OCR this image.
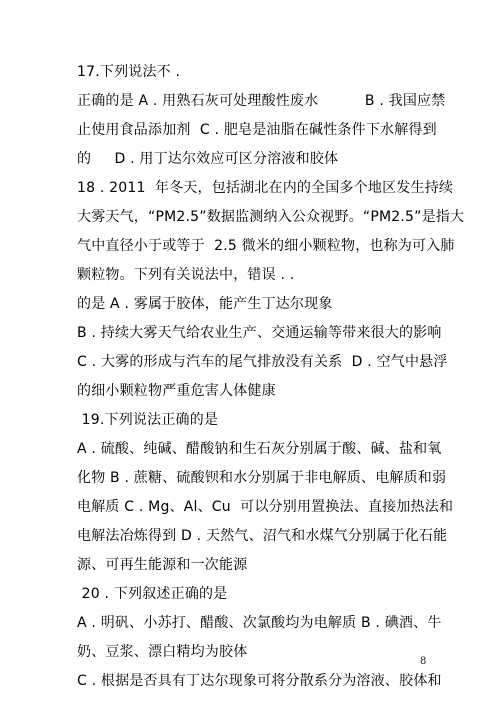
17.下列说法不 .
正确的是 A . 用熟石灰可处理酸性废水          B . 我国应禁
止使用食品添加剂  C . 肥皂是油脂在碱性条件下水解得到
的     D . 用丁达尔效应可区分溶液和胶体
18 . 2011  年冬天，包括湖北在内的全国多个地区发生持续
大雾天气，“PM2.5”数据监测纳入公众视野。“PM2.5”是指大
气中直径小于或等于  2.5 微米的细小颗粒物，也称为可入肺
颗粒物。下列有关说法中，错误 . .
的是 A . 雾属于胶体，能产生丁达尔现象
B . 持续大雾天气给农业生产、交通运输等带来很大的影响
C . 大雾的形成与汽车的尾气排放没有关系  D . 空气中悬浮
的细小颗粒物严重危害人体健康
19.下列说法正确的是
A . 硫酸、纯碱、醋酸钠和生石灰分别属于酸、碱、盐和氧
化物 B . 蔗糖、硫酸钡和水分别属于非电解质、电解质和弱
电解质 C . Mg、Al、Cu  可以分别用置换法、直接加热法和
电解法冶炼得到 D . 天然气、沼气和水煤气分别属于化石能
源、可再生能源和一次能源
20 . 下列叙述正确的是
A . 明矾、小苏打、醋酸、次氯酸均为电解质 B . 碘酒、牛
奶、豆浆、漂白精均为胶体
C . 根据是否具有丁达尔现象可将分散系分为溶液、胶体和
8
